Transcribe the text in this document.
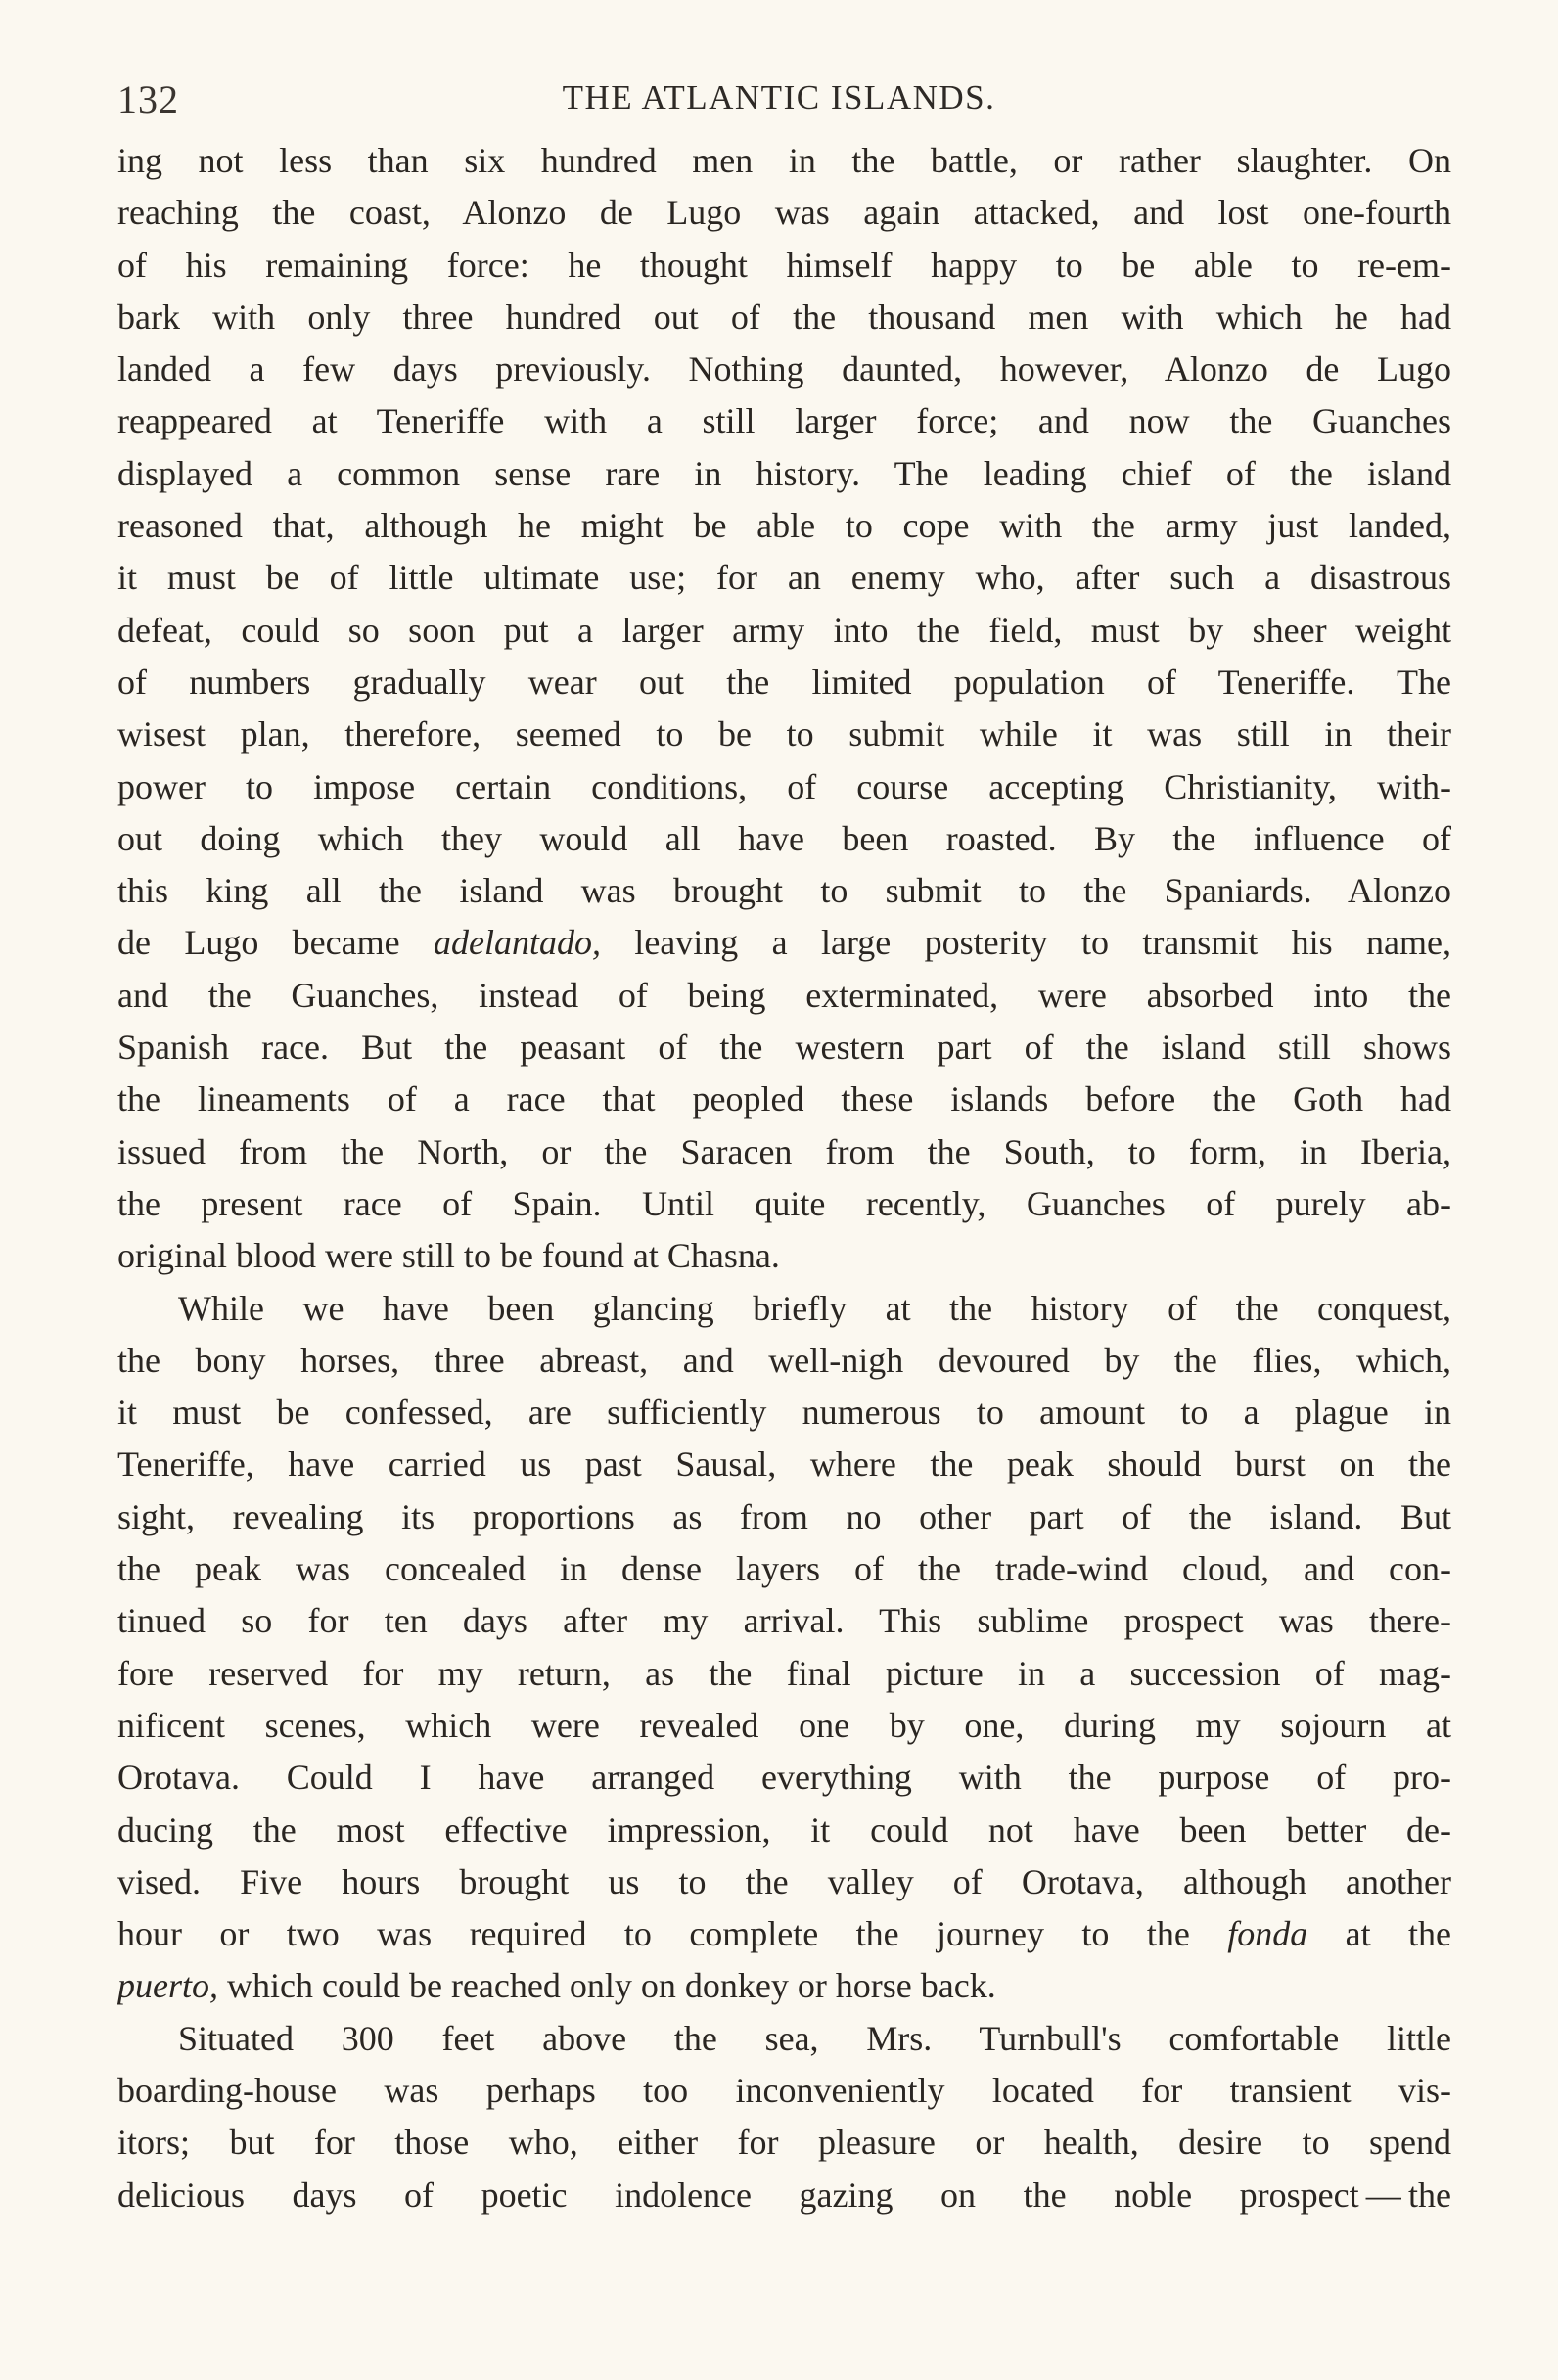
132	THE ATLANTIC ISLANDS.
ing not less than six hundred men in the battle, or rather slaughter. On
reaching the coast, Alonzo de Lugo was again attacked, and lost one-fourth
of his remaining force: he thought himself happy to be able to re-em-
bark with only three hundred out of the thousand men with which he had
landed a few days previously. Nothing daunted, however, Alonzo de Lugo
reappeared at Teneriffe with a still larger force; and now the Guanches
displayed a common sense rare in history. The leading chief of the island
reasoned that, although he might be able to cope with the army just landed,
it must be of little ultimate use; for an enemy who, after such a disastrous
defeat, could so soon put a larger army into the field, must by sheer weight
of numbers gradually wear out the limited population of Teneriffe. The
wisest plan, therefore, seemed to be to submit while it was still in their
power to impose certain conditions, of course accepting Christianity, with-
out doing which they would all have been roasted. By the influence of
this king all the island was brought to submit to the Spaniards. Alonzo
de Lugo became adelantado, leaving a large posterity to transmit his name,
and the Guanches, instead of being exterminated, were absorbed into the
Spanish race. But the peasant of the western part of the island still shows
the lineaments of a race that peopled these islands before the Goth had
issued from the North, or the Saracen from the South, to form, in Iberia,
the present race of Spain. Until quite recently, Guanches of purely ab-
original blood were still to be found at Chasna.
While we have been glancing briefly at the history of the conquest,
the bony horses, three abreast, and well-nigh devoured by the flies, which,
it must be confessed, are sufficiently numerous to amount to a plague in
Teneriffe, have carried us past Sausal, where the peak should burst on the
sight, revealing its proportions as from no other part of the island. But
the peak was concealed in dense layers of the trade-wind cloud, and con-
tinued so for ten days after my arrival. This sublime prospect was there-
fore reserved for my return, as the final picture in a succession of mag-
nificent scenes, which were revealed one by one, during my sojourn at
Orotava. Could I have arranged everything with the purpose of pro-
ducing the most effective impression, it could not have been better de-
vised. Five hours brought us to the valley of Orotava, although another
hour or two was required to complete the journey to the fonda at the
puerto, which could be reached only on donkey or horse back.
Situated 300 feet above the sea, Mrs. Turnbull's comfortable little
boarding-house was perhaps too inconveniently located for transient vis-
itors; but for those who, either for pleasure or health, desire to spend
delicious days of poetic indolence gazing on the noble prospect — the
